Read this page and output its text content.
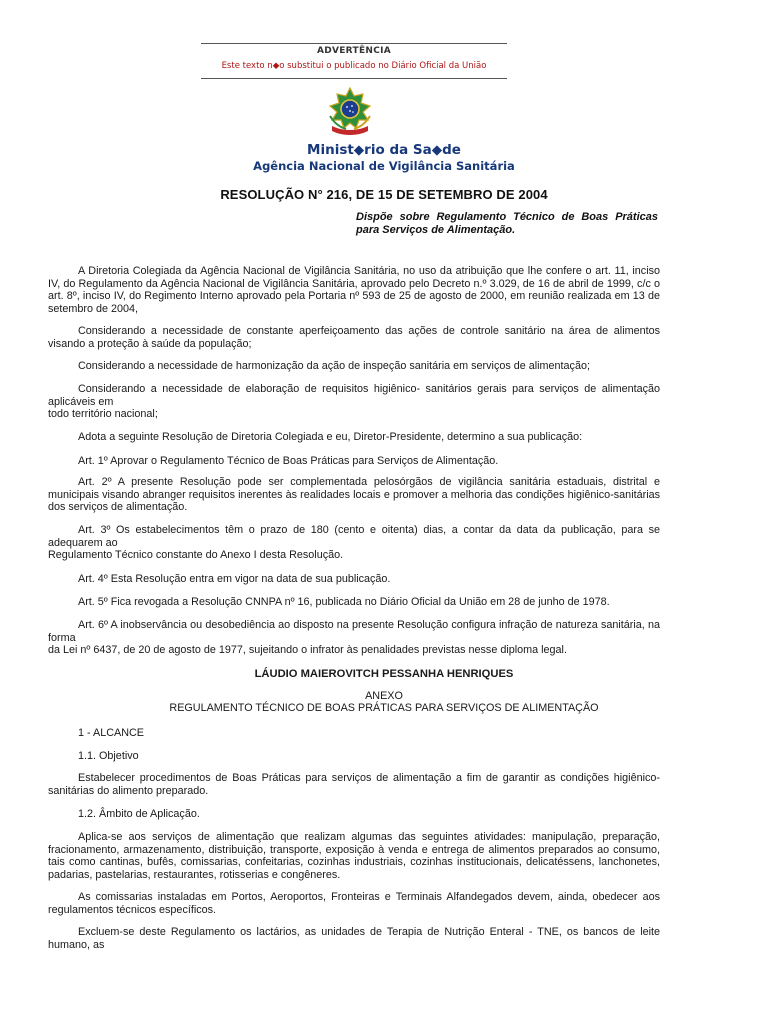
ADVERTÊNCIA
Este texto n◆o substitui o publicado no Diário Oficial da União
Minist◆rio da Sa◆de
Agência Nacional de Vigilância Sanitária
RESOLUÇÃO N° 216, DE 15 DE SETEMBRO DE 2004
Dispõe sobre Regulamento Técnico de Boas Práticas para Serviços de Alimentação.
A Diretoria Colegiada da Agência Nacional de Vigilância Sanitária, no uso da atribuição que lhe confere o art. 11, inciso IV, do Regulamento da Agência Nacional de Vigilância Sanitária, aprovado pelo Decreto n.º 3.029, de 16 de abril de 1999, c/c o art. 8º, inciso IV, do Regimento Interno aprovado pela Portaria nº 593 de 25 de agosto de 2000, em reunião realizada em 13 de setembro de 2004,
Considerando a necessidade de constante aperfeiçoamento das ações de controle sanitário na área de alimentos visando a proteção à saúde da população;
Considerando a necessidade de harmonização da ação de inspeção sanitária em serviços de alimentação;
Considerando a necessidade de elaboração de requisitos higiênico- sanitários gerais para serviços de alimentação aplicáveis em
todo território nacional;
Adota a seguinte Resolução de Diretoria Colegiada e eu, Diretor-Presidente, determino a sua publicação:
Art. 1º Aprovar o Regulamento Técnico de Boas Práticas para Serviços de Alimentação.
Art. 2º A presente Resolução pode ser complementada pelosórgãos de vigilância sanitária estaduais, distrital e municipais visando abranger requisitos inerentes às realidades locais e promover a melhoria das condições higiênico-sanitárias dos serviços de alimentação.
Art. 3º Os estabelecimentos têm o prazo de 180 (cento e oitenta) dias, a contar da data da publicação, para se adequarem ao
Regulamento Técnico constante do Anexo I desta Resolução.
Art. 4º Esta Resolução entra em vigor na data de sua publicação.
Art. 5º Fica revogada a Resolução CNNPA nº 16, publicada no Diário Oficial da União em 28 de junho de 1978.
Art. 6º A inobservância ou desobediência ao disposto na presente Resolução configura infração de natureza sanitária, na forma
da Lei nº 6437, de 20 de agosto de 1977, sujeitando o infrator às penalidades previstas nesse diploma legal.
LÁUDIO MAIEROVITCH PESSANHA HENRIQUES
ANEXO
REGULAMENTO TÉCNICO DE BOAS PRÁTICAS PARA SERVIÇOS DE ALIMENTAÇÃO
1 - ALCANCE
1.1. Objetivo
Estabelecer procedimentos de Boas Práticas para serviços de alimentação a fim de garantir as condições higiênico-sanitárias do alimento preparado.
1.2. Âmbito de Aplicação.
Aplica-se aos serviços de alimentação que realizam algumas das seguintes atividades: manipulação, preparação, fracionamento, armazenamento, distribuição, transporte, exposição à venda e entrega de alimentos preparados ao consumo, tais como cantinas, bufês, comissarias, confeitarias, cozinhas industriais, cozinhas institucionais, delicatéssens, lanchonetes, padarias, pastelarias, restaurantes, rotisserias e congêneres.
As comissarias instaladas em Portos, Aeroportos, Fronteiras e Terminais Alfandegados devem, ainda, obedecer aos regulamentos técnicos específicos.
Excluem-se deste Regulamento os lactários, as unidades de Terapia de Nutrição Enteral - TNE, os bancos de leite humano, as
